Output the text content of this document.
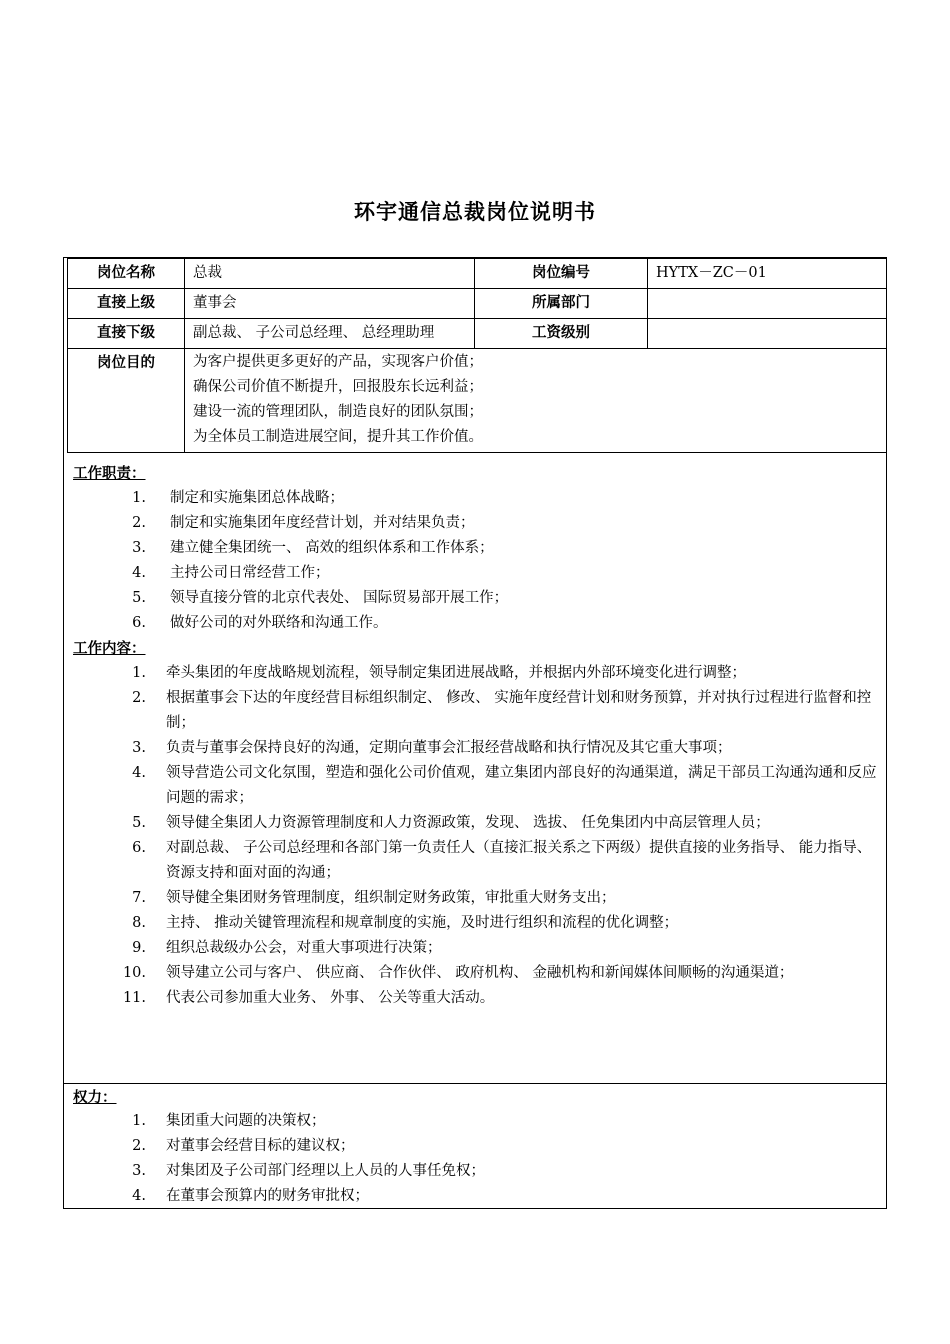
环宇通信总裁岗位说明书
岗位名称	总裁	岗位编号	HYTX－ZC－01
直接上级	董事会	所属部门	
直接下级	副总裁、 子公司总经理、 总经理助理	工资级别	
岗位目的	为客户提供更多更好的产品，实现客户价值；
确保公司价值不断提升，回报股东长远利益；
建设一流的管理团队，制造良好的团队氛围；
为全体员工制造进展空间，提升其工作价值。		
工作职责：
1. 制定和实施集团总体战略；
2. 制定和实施集团年度经营计划，并对结果负责；
3. 建立健全集团统一、 高效的组织体系和工作体系；
4. 主持公司日常经营工作；
5. 领导直接分管的北京代表处、 国际贸易部开展工作；
6. 做好公司的对外联络和沟通工作。
工作内容：
1. 牵头集团的年度战略规划流程，领导制定集团进展战略，并根据内外部环境变化进行调整；
2. 根据董事会下达的年度经营目标组织制定、 修改、 实施年度经营计划和财务预算，并对执行过程进行监督和控制；
3. 负责与董事会保持良好的沟通，定期向董事会汇报经营战略和执行情况及其它重大事项；
4. 领导营造公司文化氛围，塑造和强化公司价值观，建立集团内部良好的沟通渠道，满足干部员工沟通沟通和反应问题的需求；
5. 领导健全集团人力资源管理制度和人力资源政策，发现、 选拔、 任免集团内中高层管理人员；
6. 对副总裁、 子公司总经理和各部门第一负责任人（直接汇报关系之下两级）提供直接的业务指导、 能力指导、 资源支持和面对面的沟通；
7. 领导健全集团财务管理制度，组织制定财务政策，审批重大财务支出；
8. 主持、 推动关键管理流程和规章制度的实施，及时进行组织和流程的优化调整；
9. 组织总裁级办公会，对重大事项进行决策；
10. 领导建立公司与客户、 供应商、 合作伙伴、 政府机构、 金融机构和新闻媒体间顺畅的沟通渠道；
11. 代表公司参加重大业务、 外事、 公关等重大活动。
权力：
1. 集团重大问题的决策权；
2. 对董事会经营目标的建议权；
3. 对集团及子公司部门经理以上人员的人事任免权；
4. 在董事会预算内的财务审批权；
